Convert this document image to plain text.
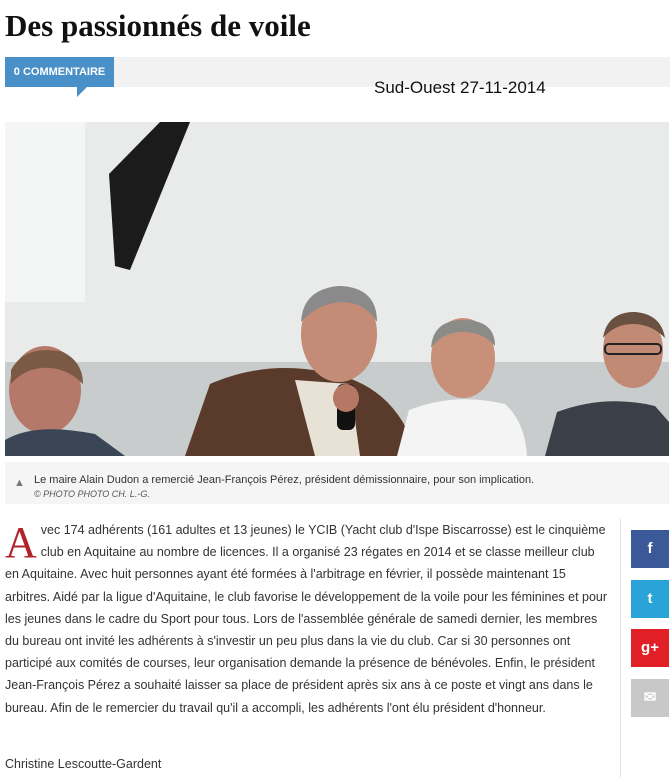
Des passionnés de voile
0 COMMENTAIRE
Sud-Ouest 27-11-2014
▲ Le maire Alain Dudon a remercié Jean-François Pérez, président démissionnaire, pour son implication.
© PHOTO PHOTO CH. L.-G.
A vec 174 adhérents (161 adultes et 13 jeunes) le YCIB (Yacht club d'Ispe Biscarrosse) est le cinquième club en Aquitaine au nombre de licences. Il a organisé 23 régates en 2014 et se classe meilleur club en Aquitaine. Avec huit personnes ayant été formées à l'arbitrage en février, il possède maintenant 15 arbitres. Aidé par la ligue d'Aquitaine, le club favorise le développement de la voile pour les féminines et pour les jeunes dans le cadre du Sport pour tous. Lors de l'assemblée générale de samedi dernier, les membres du bureau ont invité les adhérents à s'investir un peu plus dans la vie du club. Car si 30 personnes ont participé aux comités de courses, leur organisation demande la présence de bénévoles. Enfin, le président Jean-François Pérez a souhaité laisser sa place de président après six ans à ce poste et vingt ans dans le bureau. Afin de le remercier du travail qu'il a accompli, les adhérents l'ont élu président d'honneur.
Christine Lescoutte-Gardent
f
t
g+
✉
